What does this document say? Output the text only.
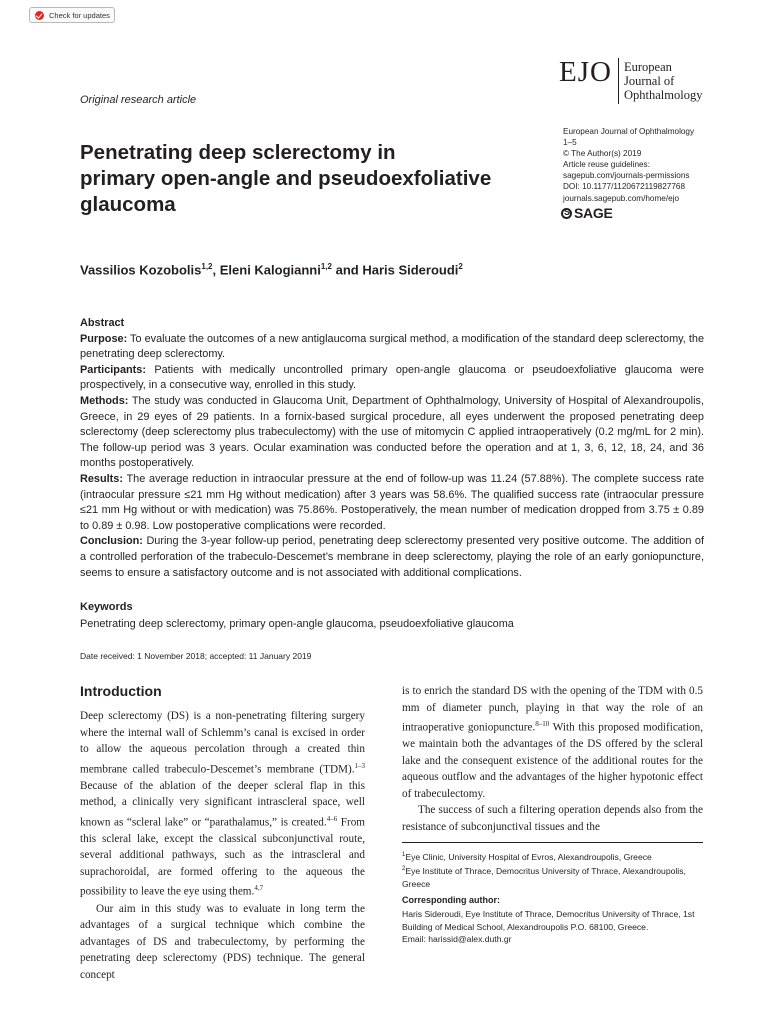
Check for updates
EJO European
Journal of
Ophthalmology
Original research article
Penetrating deep sclerectomy in
primary open-angle and pseudoexfoliative
glaucoma
European Journal of Ophthalmology
1–5
© The Author(s) 2019
Article reuse guidelines:
sagepub.com/journals-permissions
DOI: 10.1177/1120672119827768
journals.sagepub.com/home/ejo
S
SAGE
Vassilios Kozobolis$^{1,2}$, Eleni Kalogianni$^{1,2}$ and Haris Sideroudi$^2$

Abstract

Purpose: To evaluate the outcomes of a new antiglaucoma surgical method, a modification of the standard deep sclerectomy, the penetrating deep sclerectomy.

Participants: Patients with medically uncontrolled primary open-angle glaucoma or pseudoexfoliative glaucoma were prospectively, in a consecutive way, enrolled in this study.

Methods: The study was conducted in Glaucoma Unit, Department of Ophthalmology, University of Hospital of Alexandroupolis, Greece, in 29 eyes of 29 patients. In a fornix-based surgical procedure, all eyes underwent the proposed penetrating deep sclerectomy (deep sclerectomy plus trabeculectomy) with the use of mitomycin C applied intraoperatively (0.2 mg/mL for 2 min). The follow-up period was 3 years. Ocular examination was conducted before the operation and at 1, 3, 6, 12, 18, 24, and 36 months postoperatively.

Results: The average reduction in intraocular pressure at the end of follow-up was 11.24 (57.88%). The complete success rate (intraocular pressure ≤21 mm Hg without medication) after 3 years was 58.6%. The qualified success rate (intraocular pressure ≤21 mm Hg without or with medication) was 75.86%. Postoperatively, the mean number of medication dropped from 3.75 ± 0.89 to 0.89 ± 0.98. Low postoperative complications were recorded.

Conclusion: During the 3-year follow-up period, penetrating deep sclerectomy presented very positive outcome. The addition of a controlled perforation of the trabeculo-Descemet’s membrane in deep sclerectomy, playing the role of an early goniopuncture, seems to ensure a satisfactory outcome and is not associated with additional complications.

Keywords
Penetrating deep sclerectomy, primary open-angle glaucoma, pseudoexfoliative glaucoma
Date received: 1 November 2018; accepted: 11 January 2019
Introduction

Deep sclerectomy (DS) is a non-penetrating filtering surgery where the internal wall of Schlemm’s canal is excised in order to allow the aqueous percolation through a created thin membrane called trabeculo-Descemet’s membrane (TDM).$^{1-3}$ Because of the ablation of the deeper scleral flap in this method, a clinically very significant intrascleral space, well known as “scleral lake” or “parathalamus,” is created.$^{4-6}$ From this scleral lake, except the classical subconjunctival route, several additional pathways, such as the intrascleral and suprachoroidal, are formed offering to the aqueous the possibility to leave the eye using them.$^{4,7}$

Our aim in this study was to evaluate in long term the advantages of a surgical technique which combine the advantages of DS and trabeculectomy, by performing the penetrating deep sclerectomy (PDS) technique. The general concept

is to enrich the standard DS with the opening of the TDM with 0.5 mm of diameter punch, playing in that way the role of an intraoperative goniopuncture.$^{8-10}$ With this proposed modification, we maintain both the advantages of the DS offered by the scleral lake and the consequent existence of the additional routes for the aqueous outflow and the advantages of the higher hypotonic effect of trabeculectomy.

The success of such a filtering operation depends also from the resistance of subconjunctival tissues and the

$^1$Eye Clinic, University Hospital of Evros, Alexandroupolis, Greece
$^2$Eye Institute of Thrace, Democritus University of Thrace, Alexandroupolis, Greece
Corresponding author:
Haris Sideroudi, Eye Institute of Thrace, Democritus University of Thrace, 1st Building of Medical School, Alexandroupolis P.O. 68100, Greece.
Email: harissid@alex.duth.gr
